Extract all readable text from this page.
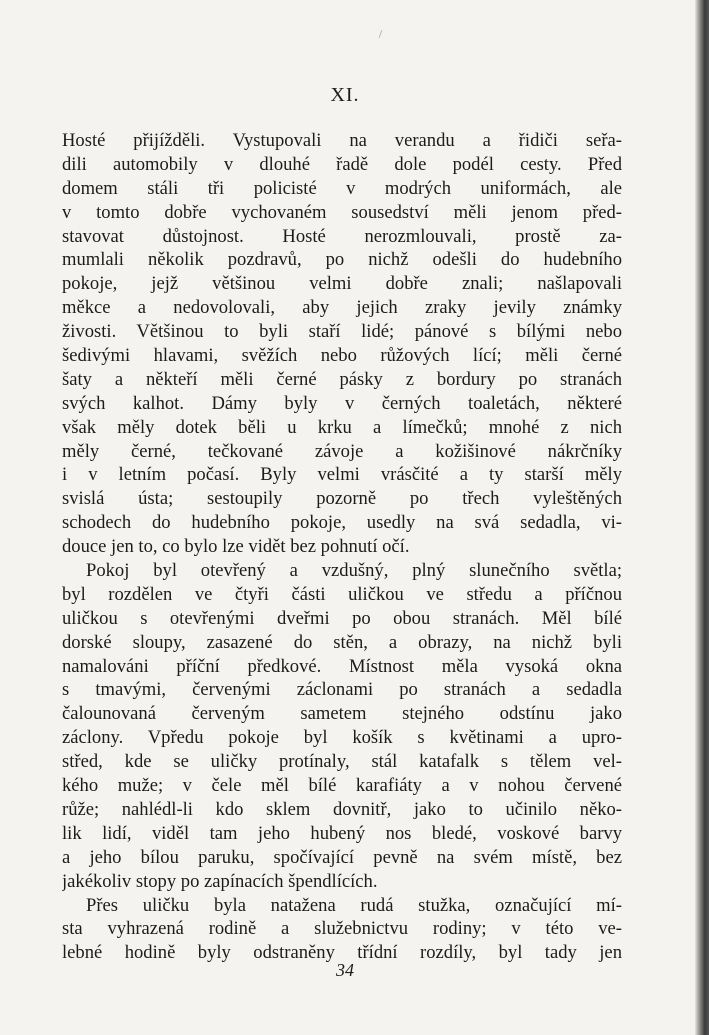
XI.
Hosté přijížděli. Vystupovali na verandu a řidiči seřa-
dili automobily v dlouhé řadě dole podél cesty. Před
domem stáli tři policisté v modrých uniformách, ale
v tomto dobře vychovaném sousedství měli jenom před-
stavovat důstojnost. Hosté nerozmlouvali, prostě za-
mumlali několik pozdravů, po nichž odešli do hudebního
pokoje, jejž většinou velmi dobře znali; našlapovali
měkce a nedovolovali, aby jejich zraky jevily známky
živosti. Většinou to byli staří lidé; pánové s bílými nebo
šedivými hlavami, svěžích nebo růžových lící; měli černé
šaty a někteří měli černé pásky z bordury po stranách
svých kalhot. Dámy byly v černých toaletách, některé
však měly dotek běli u krku a límečků; mnohé z nich
měly černé, tečkované závoje a kožišinové nákrčníky
i v letním počasí. Byly velmi vrásčité a ty starší měly
svislá ústa; sestoupily pozorně po třech vyleštěných
schodech do hudebního pokoje, usedly na svá sedadla, vi-
douce jen to, co bylo lze vidět bez pohnutí očí.
Pokoj byl otevřený a vzdušný, plný slunečního světla;
byl rozdělen ve čtyři části uličkou ve středu a příčnou
uličkou s otevřenými dveřmi po obou stranách. Měl bílé
dorské sloupy, zasazené do stěn, a obrazy, na nichž byli
namalováni příční předkové. Místnost měla vysoká okna
s tmavými, červenými záclonami po stranách a sedadla
čalounovaná červeným sametem stejného odstínu jako
záclony. Vpředu pokoje byl košík s květinami a upro-
střed, kde se uličky protínaly, stál katafalk s tělem vel-
kého muže; v čele měl bílé karafiáty a v nohou červené
růže; nahlédl-li kdo sklem dovnitř, jako to učinilo něko-
lik lidí, viděl tam jeho hubený nos bledé, voskové barvy
a jeho bílou paruku, spočívající pevně na svém místě, bez
jakékoliv stopy po zapínacích špendlících.
Přes uličku byla natažena rudá stužka, označující mí-
sta vyhrazená rodině a služebnictvu rodiny; v této ve-
lebné hodině byly odstraněny třídní rozdíly, byl tady jen
34
